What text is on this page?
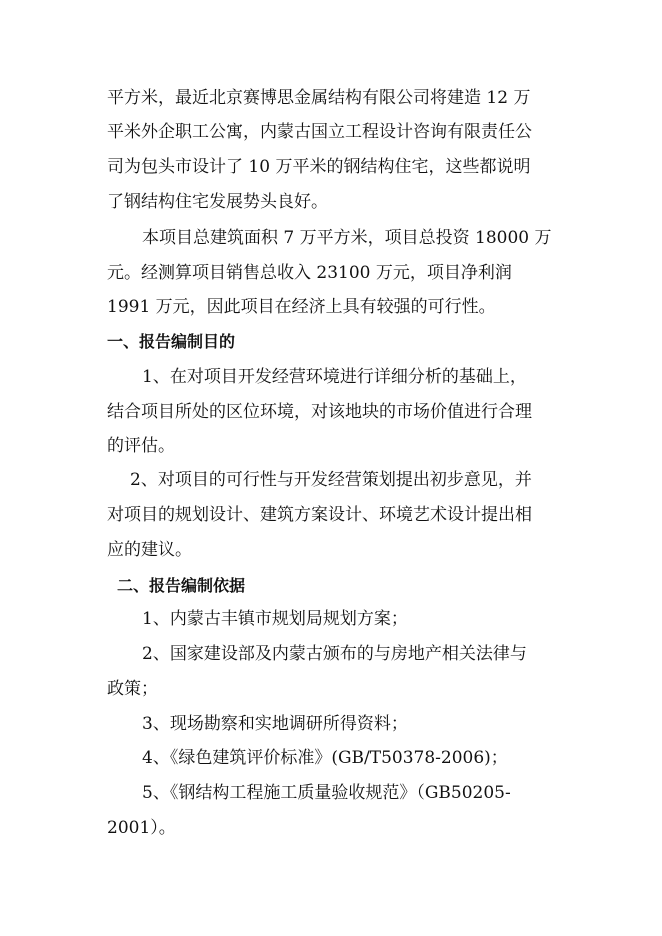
平方米，最近北京赛博思金属结构有限公司将建造 12 万
平米外企职工公寓，内蒙古国立工程设计咨询有限责任公
司为包头市设计了 10 万平米的钢结构住宅，这些都说明
了钢结构住宅发展势头良好。
本项目总建筑面积 7 万平方米，项目总投资 18000 万
元。经测算项目销售总收入 23100 万元，项目净利润
1991 万元，因此项目在经济上具有较强的可行性。
一、报告编制目的
1、在对项目开发经营环境进行详细分析的基础上，
结合项目所处的区位环境，对该地块的市场价值进行合理
的评估。
2、对项目的可行性与开发经营策划提出初步意见，并
对项目的规划设计、建筑方案设计、环境艺术设计提出相
应的建议。
二、报告编制依据
1、内蒙古丰镇市规划局规划方案；
2、国家建设部及内蒙古颁布的与房地产相关法律与
政策；
3、现场勘察和实地调研所得资料；
4、《绿色建筑评价标准》(GB/T50378-2006)；
5、《钢结构工程施工质量验收规范》（GB50205-
2001）。
